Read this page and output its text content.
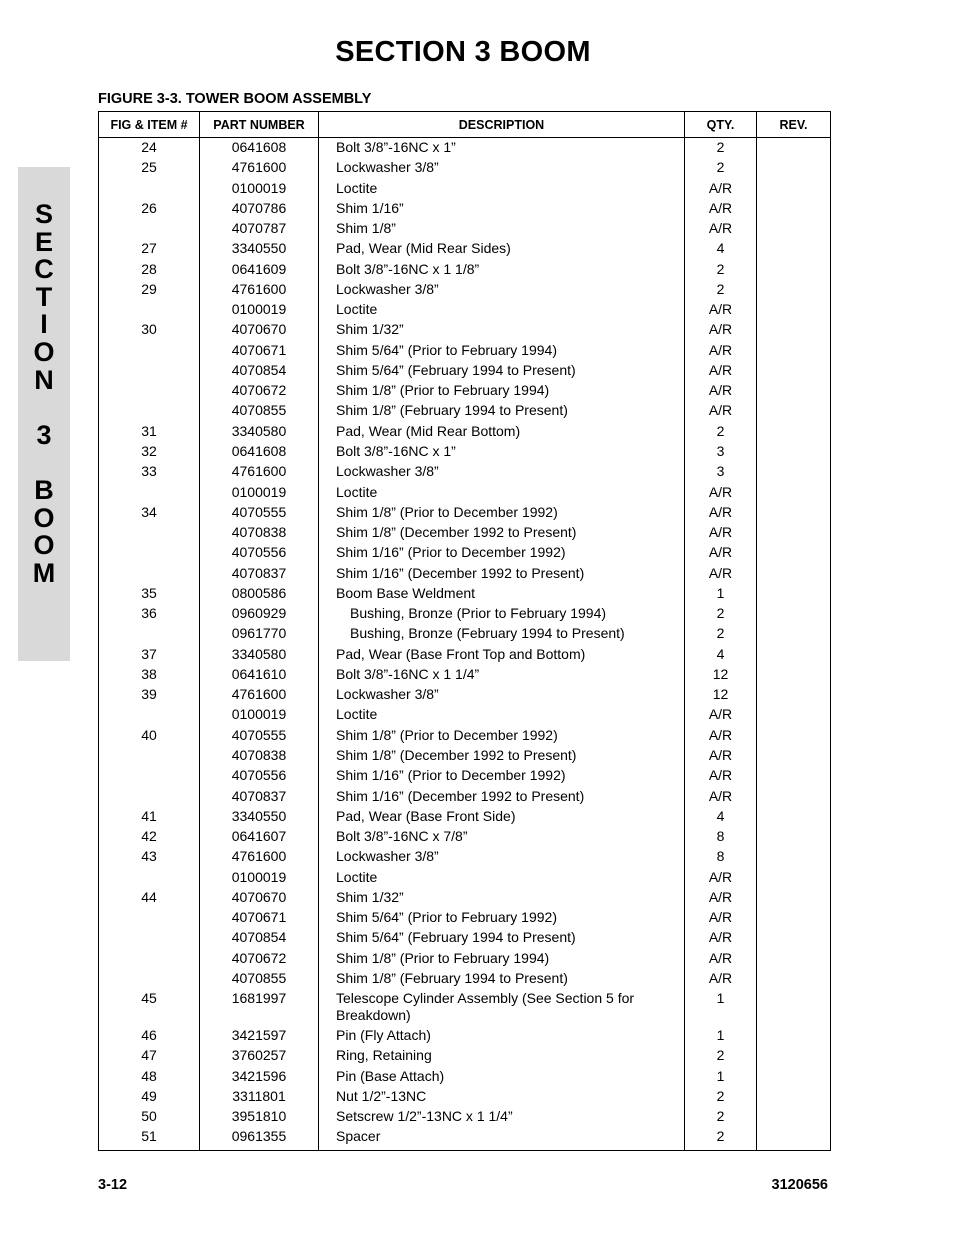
SECTION 3 BOOM
S
E
C
T
I
O
N
3
B
O
O
M
FIGURE 3-3. TOWER BOOM ASSEMBLY
FIG & ITEM #	PART NUMBER	DESCRIPTION	QTY.	REV.
24	0641608	Bolt 3/8”-16NC x 1”	2	
25	4761600	Lockwasher 3/8”	2	
	0100019	Loctite	A/R	
26	4070786	Shim 1/16”	A/R	
	4070787	Shim 1/8”	A/R	
27	3340550	Pad, Wear (Mid Rear Sides)	4	
28	0641609	Bolt 3/8”-16NC x 1 1/8”	2	
29	4761600	Lockwasher 3/8”	2	
	0100019	Loctite	A/R	
30	4070670	Shim 1/32”	A/R	
	4070671	Shim 5/64” (Prior to February 1994)	A/R	
	4070854	Shim 5/64” (February 1994 to Present)	A/R	
	4070672	Shim 1/8” (Prior to February 1994)	A/R	
	4070855	Shim 1/8” (February 1994 to Present)	A/R	
31	3340580	Pad, Wear (Mid Rear Bottom)	2	
32	0641608	Bolt 3/8”-16NC x 1”	3	
33	4761600	Lockwasher 3/8”	3	
	0100019	Loctite	A/R	
34	4070555	Shim 1/8” (Prior to December 1992)	A/R	
	4070838	Shim 1/8” (December 1992 to Present)	A/R	
	4070556	Shim 1/16” (Prior to December 1992)	A/R	
	4070837	Shim 1/16” (December 1992 to Present)	A/R	
35	0800586	Boom Base Weldment	1	
36	0960929	Bushing, Bronze (Prior to February 1994)	2	
	0961770	Bushing, Bronze (February 1994 to Present)	2	
37	3340580	Pad, Wear (Base Front Top and Bottom)	4	
38	0641610	Bolt 3/8”-16NC x 1 1/4”	12	
39	4761600	Lockwasher 3/8”	12	
	0100019	Loctite	A/R	
40	4070555	Shim 1/8” (Prior to December 1992)	A/R	
	4070838	Shim 1/8” (December 1992 to Present)	A/R	
	4070556	Shim 1/16” (Prior to December 1992)	A/R	
	4070837	Shim 1/16” (December 1992 to Present)	A/R	
41	3340550	Pad, Wear (Base Front Side)	4	
42	0641607	Bolt 3/8”-16NC x 7/8”	8	
43	4761600	Lockwasher 3/8”	8	
	0100019	Loctite	A/R	
44	4070670	Shim 1/32”	A/R	
	4070671	Shim 5/64” (Prior to February 1992)	A/R	
	4070854	Shim 5/64” (February 1994 to Present)	A/R	
	4070672	Shim 1/8” (Prior to February 1994)	A/R	
	4070855	Shim 1/8” (February 1994 to Present)	A/R	
45	1681997	Telescope Cylinder Assembly (See Section 5 for Breakdown)	1	
46	3421597	Pin (Fly Attach)	1	
47	3760257	Ring, Retaining	2	
48	3421596	Pin (Base Attach)	1	
49	3311801	Nut 1/2”-13NC	2	
50	3951810	Setscrew 1/2”-13NC x 1 1/4”	2	
51	0961355	Spacer	2	
3-12	3120656
